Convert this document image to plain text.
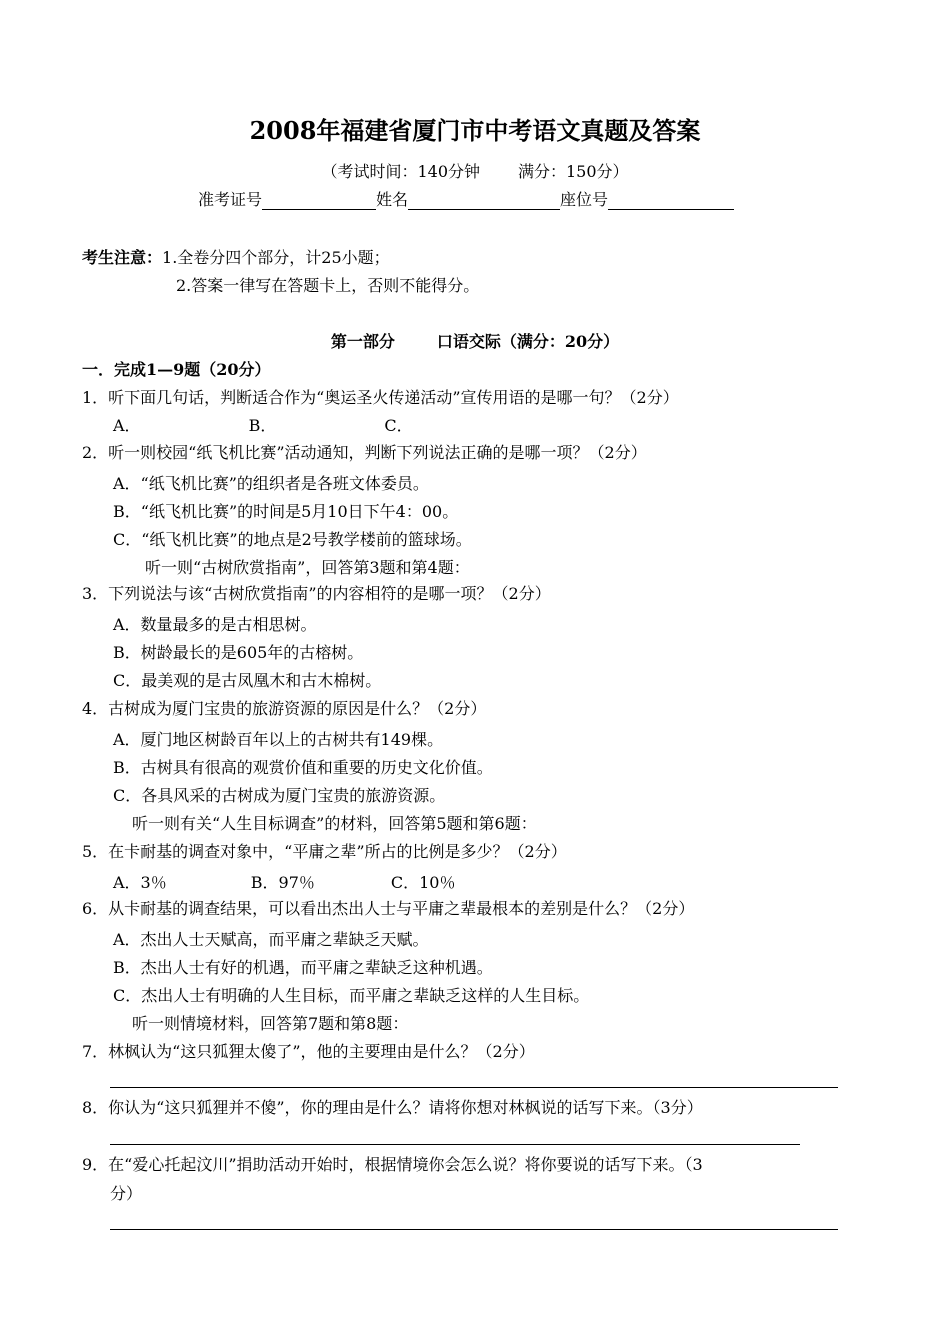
2008年福建省厦门市中考语文真题及答案
（考试时间：140分钟 满分：150分）
准考证号	姓名	座位号
考生注意：1.全卷分四个部分，计25小题；
2.答案一律写在答题卡上，否则不能得分。
第一部分	口语交际（满分：20分）
一．完成1—9题（20分）
1．听下面几句话，判断适合作为“奥运圣火传递活动”宣传用语的是哪一句？（2分）
A．	B．	C．
2．听一则校园“纸飞机比赛”活动通知，判断下列说法正确的是哪一项？（2分）
A．“纸飞机比赛”的组织者是各班文体委员。
B．“纸飞机比赛”的时间是5月10日下午4：00。
C．“纸飞机比赛”的地点是2号教学楼前的篮球场。
听一则“古树欣赏指南”，回答第3题和第4题：
3．下列说法与该“古树欣赏指南”的内容相符的是哪一项？（2分）
A．数量最多的是古相思树。
B．树龄最长的是605年的古榕树。
C．最美观的是古凤凰木和古木棉树。
4．古树成为厦门宝贵的旅游资源的原因是什么？（2分）
A．厦门地区树龄百年以上的古树共有149棵。
B．古树具有很高的观赏价值和重要的历史文化价值。
C．各具风采的古树成为厦门宝贵的旅游资源。
听一则有关“人生目标调查”的材料，回答第5题和第6题：
5．在卡耐基的调查对象中，“平庸之辈”所占的比例是多少？（2分）
A．3％	B．97％	C．10％
6．从卡耐基的调查结果，可以看出杰出人士与平庸之辈最根本的差别是什么？（2分）
A．杰出人士天赋高，而平庸之辈缺乏天赋。
B．杰出人士有好的机遇，而平庸之辈缺乏这种机遇。
C．杰出人士有明确的人生目标，而平庸之辈缺乏这样的人生目标。
听一则情境材料，回答第7题和第8题：
7．林枫认为“这只狐狸太傻了”，他的主要理由是什么？（2分）
8．你认为“这只狐狸并不傻”，你的理由是什么？请将你想对林枫说的话写下来。（3分）
9．在“爱心托起汶川”捐助活动开始时，根据情境你会怎么说？将你要说的话写下来。（3
分）
